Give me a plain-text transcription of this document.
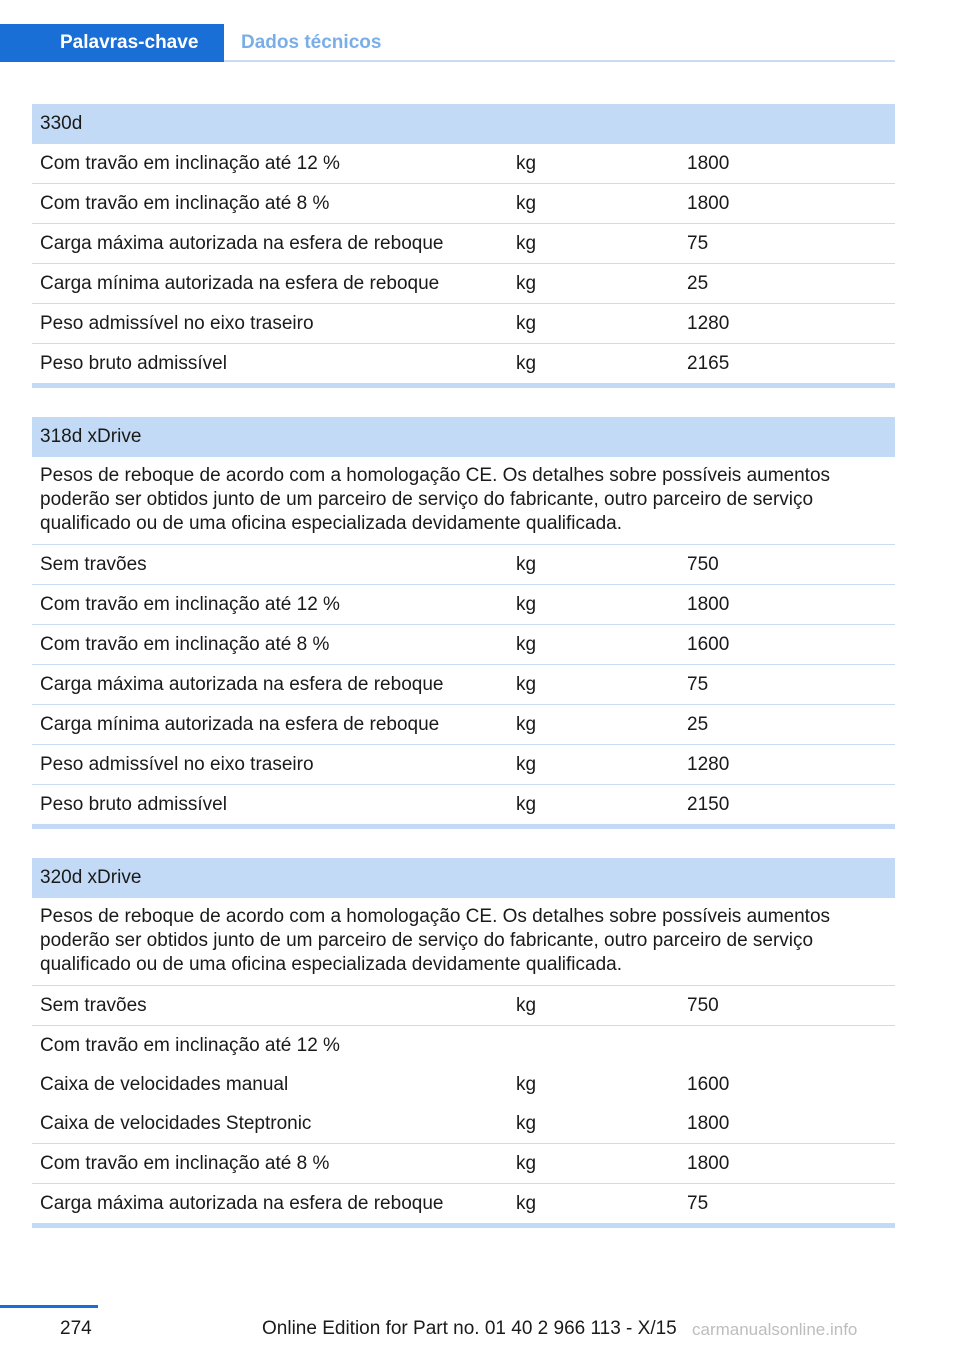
Palavras-chave	Dados técnicos
330d
Com travão em inclinação até 12 %	kg	1800
Com travão em inclinação até 8 %	kg	1800
Carga máxima autorizada na esfera de reboque	kg	75
Carga mínima autorizada na esfera de reboque	kg	25
Peso admissível no eixo traseiro	kg	1280
Peso bruto admissível	kg	2165
318d xDrive
Pesos de reboque de acordo com a homologação CE. Os detalhes sobre possíveis aumentos poderão ser obtidos junto de um parceiro de serviço do fabricante, outro parceiro de serviço qualificado ou de uma oficina especializada devidamente qualificada.
Sem travões	kg	750
Com travão em inclinação até 12 %	kg	1800
Com travão em inclinação até 8 %	kg	1600
Carga máxima autorizada na esfera de reboque	kg	75
Carga mínima autorizada na esfera de reboque	kg	25
Peso admissível no eixo traseiro	kg	1280
Peso bruto admissível	kg	2150
320d xDrive
Pesos de reboque de acordo com a homologação CE. Os detalhes sobre possíveis aumentos poderão ser obtidos junto de um parceiro de serviço do fabricante, outro parceiro de serviço qualificado ou de uma oficina especializada devidamente qualificada.
Sem travões	kg	750
Com travão em inclinação até 12 %
Caixa de velocidades manual	kg	1600
Caixa de velocidades Steptronic	kg	1800
Com travão em inclinação até 8 %	kg	1800
Carga máxima autorizada na esfera de reboque	kg	75
274	Online Edition for Part no. 01 40 2 966 113 - X/15 carmanualsonline.info
